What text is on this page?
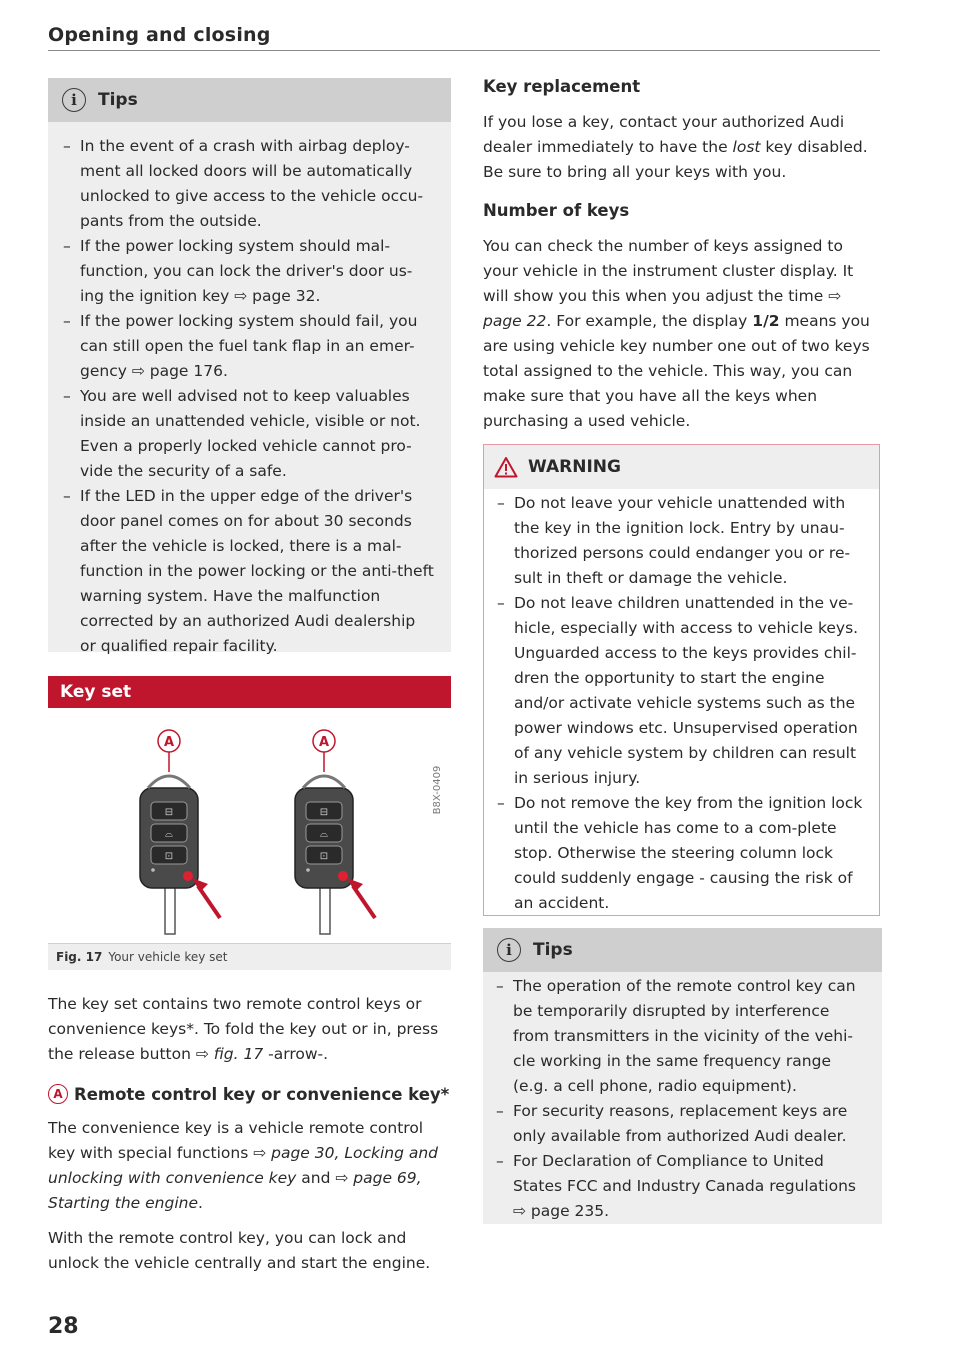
Opening and closing
i	Tips
– In the event of a crash with airbag deploy-ment all locked doors will be automatically unlocked to give access to the vehicle occu-pants from the outside.
– If the power locking system should mal-function, you can lock the driver's door us-ing the ignition key ⇨ page 32.
– If the power locking system should fail, you can still open the fuel tank flap in an emer-gency ⇨ page 176.
– You are well advised not to keep valuables inside an unattended vehicle, visible or not. Even a properly locked vehicle cannot pro-vide the security of a safe.
– If the LED in the upper edge of the driver's door panel comes on for about 30 seconds after the vehicle is locked, there is a mal-function in the power locking or the anti-theft warning system. Have the malfunction corrected by an authorized Audi dealership or qualified repair facility.
Key set
⊟
⌓
⊡
A
⊟
⌓
⊡
A
B8X-0409
Fig. 17 Your vehicle key set

The key set contains two remote control keys or convenience keys*. To fold the key out or in, press the release button ⇨ fig. 17 -arrow-.

A Remote control key or convenience key*

The convenience key is a vehicle remote control key with special functions ⇨ page 30, Locking and unlocking with convenience key and ⇨ page 69, Starting the engine.

With the remote control key, you can lock and unlock the vehicle centrally and start the engine.

28
Key replacement

If you lose a key, contact your authorized Audi dealer immediately to have the lost key disabled. Be sure to bring all your keys with you.

Number of keys

You can check the number of keys assigned to your vehicle in the instrument cluster display. It will show you this when you adjust the time ⇨ page 22. For example, the display 1/2 means you are using vehicle key number one out of two keys total assigned to the vehicle. This way, you can make sure that you have all the keys when purchasing a used vehicle.

WARNING
– Do not leave your vehicle unattended with the key in the ignition lock. Entry by unau-thorized persons could endanger you or re-sult in theft or damage the vehicle.
– Do not leave children unattended in the ve-hicle, especially with access to vehicle keys. Unguarded access to the keys provides chil-dren the opportunity to start the engine and/or activate vehicle systems such as the power windows etc. Unsupervised operation of any vehicle system by children can result in serious injury.
– Do not remove the key from the ignition lock until the vehicle has come to a com-plete stop. Otherwise the steering column lock could suddenly engage - causing the risk of an accident.
i	Tips
– The operation of the remote control key can be temporarily disrupted by interference from transmitters in the vicinity of the vehi-cle working in the same frequency range (e.g. a cell phone, radio equipment).
– For security reasons, replacement keys are only available from authorized Audi dealer.
– For Declaration of Compliance to United States FCC and Industry Canada regulations ⇨ page 235.
